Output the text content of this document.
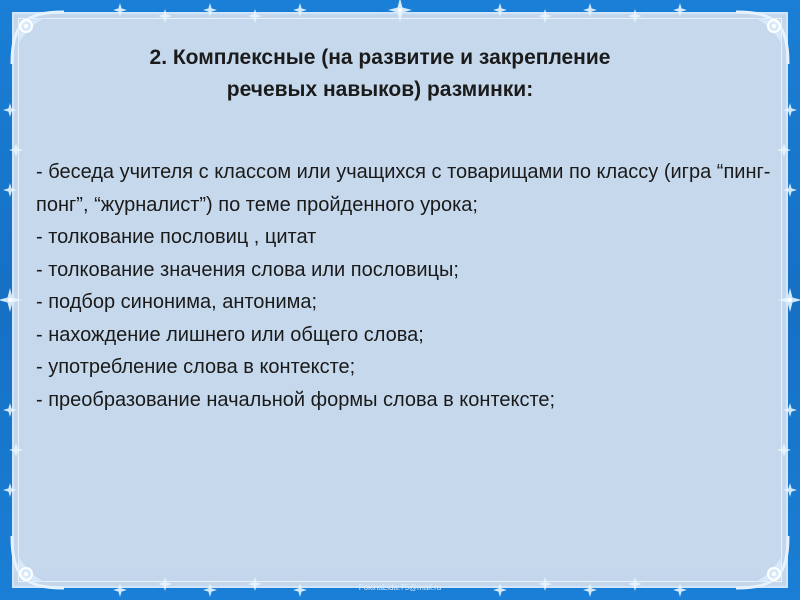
2. Комплексные (на развитие и закрепление
речевых навыков) разминки:

- беседа учителя с классом или учащихся с товарищами по классу (игра “пинг-понг”, “журналист”) по теме пройденного урока;

- толкование пословиц , цитат

- толкование значения слова или пословицы;

- подбор синонима, антонима;

- нахождение лишнего или общего слова;

- употребление слова в контексте;

- преобразование начальной формы слова в контексте;

FokinaLida.75@mail.ru
